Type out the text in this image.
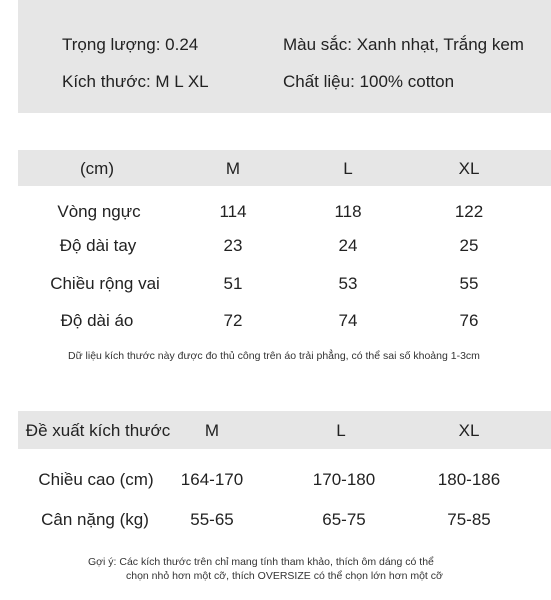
Trọng lượng: 0.24	Màu sắc: Xanh nhạt, Trắng kem
Kích thước: M L XL	Chất liệu: 100% cotton
(cm)	M	L	XL
Vòng ngực	114	118	122
Độ dài tay	23	24	25
Chiều rộng vai	51	53	55
Độ dài áo	72	74	76
Dữ liệu kích thước này được đo thủ công trên áo trải phẳng, có thể sai số khoảng 1-3cm
Đề xuất kích thước M	L	XL
Chiều cao (cm) 164-170	170-180	180-186
Cân nặng (kg) 55-65	65-75	75-85
Gợi ý: Các kích thước trên chỉ mang tính tham khảo, thích ôm dáng có thể
chọn nhỏ hơn một cỡ, thích OVERSIZE có thể chọn lớn hơn một cỡ
